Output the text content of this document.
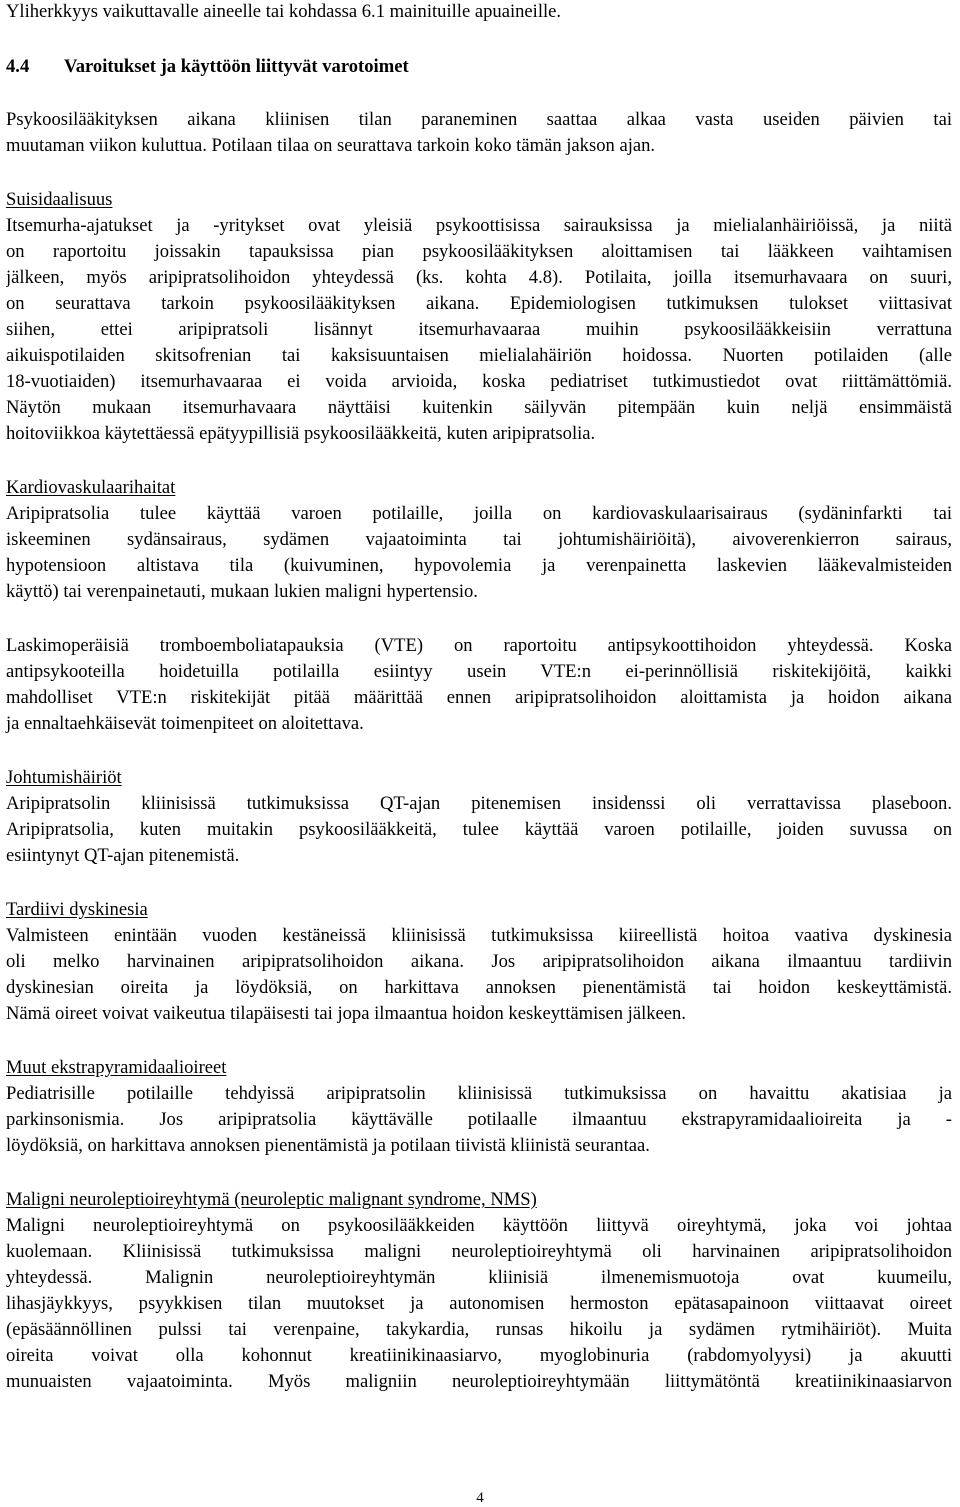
Yliherkkyys vaikuttavalle aineelle tai kohdassa 6.1 mainituille apuaineille.
4.4 Varoitukset ja käyttöön liittyvät varotoimet
Psykoosilääkityksen aikana kliinisen tilan paraneminen saattaa alkaa vasta useiden päivien tai
muutaman viikon kuluttua. Potilaan tilaa on seurattava tarkoin koko tämän jakson ajan.
Suisidaalisuus
Itsemurha-ajatukset ja -yritykset ovat yleisiä psykoottisissa sairauksissa ja mielialanhäiriöissä, ja niitä
on raportoitu joissakin tapauksissa pian psykoosilääkityksen aloittamisen tai lääkkeen vaihtamisen
jälkeen, myös aripipratsolihoidon yhteydessä (ks. kohta 4.8). Potilaita, joilla itsemurhavaara on suuri,
on seurattava tarkoin psykoosilääkityksen aikana. Epidemiologisen tutkimuksen tulokset viittasivat
siihen, ettei aripipratsoli lisännyt itsemurhavaaraa muihin psykoosilääkkeisiin verrattuna
aikuispotilaiden skitsofrenian tai kaksisuuntaisen mielialahäiriön hoidossa. Nuorten potilaiden (alle
18-vuotiaiden) itsemurhavaaraa ei voida arvioida, koska pediatriset tutkimustiedot ovat riittämättömiä.
Näytön mukaan itsemurhavaara näyttäisi kuitenkin säilyvän pitempään kuin neljä ensimmäistä
hoitoviikkoa käytettäessä epätyypillisiä psykoosilääkkeitä, kuten aripipratsolia.
Kardiovaskulaarihaitat
Aripipratsolia tulee käyttää varoen potilaille, joilla on kardiovaskulaarisairaus (sydäninfarkti tai
iskeeminen sydänsairaus, sydämen vajaatoiminta tai johtumishäiriöitä), aivoverenkierron sairaus,
hypotensioon altistava tila (kuivuminen, hypovolemia ja verenpainetta laskevien lääkevalmisteiden
käyttö) tai verenpainetauti, mukaan lukien maligni hypertensio.
Laskimoperäisiä tromboemboliatapauksia (VTE) on raportoitu antipsykoottihoidon yhteydessä. Koska
antipsykooteilla hoidetuilla potilailla esiintyy usein VTE:n ei-perinnöllisiä riskitekijöitä, kaikki
mahdolliset VTE:n riskitekijät pitää määrittää ennen aripipratsolihoidon aloittamista ja hoidon aikana
ja ennaltaehkäisevät toimenpiteet on aloitettava.
Johtumishäiriöt
Aripipratsolin kliinisissä tutkimuksissa QT-ajan pitenemisen insidenssi oli verrattavissa plaseboon.
Aripipratsolia, kuten muitakin psykoosilääkkeitä, tulee käyttää varoen potilaille, joiden suvussa on
esiintynyt QT-ajan pitenemistä.
Tardiivi dyskinesia
Valmisteen enintään vuoden kestäneissä kliinisissä tutkimuksissa kiireellistä hoitoa vaativa dyskinesia
oli melko harvinainen aripipratsolihoidon aikana. Jos aripipratsolihoidon aikana ilmaantuu tardiivin
dyskinesian oireita ja löydöksiä, on harkittava annoksen pienentämistä tai hoidon keskeyttämistä.
Nämä oireet voivat vaikeutua tilapäisesti tai jopa ilmaantua hoidon keskeyttämisen jälkeen.
Muut ekstrapyramidaalioireet
Pediatrisille potilaille tehdyissä aripipratsolin kliinisissä tutkimuksissa on havaittu akatisiaa ja
parkinsonismia. Jos aripipratsolia käyttävälle potilaalle ilmaantuu ekstrapyramidaalioireita ja -
löydöksiä, on harkittava annoksen pienentämistä ja potilaan tiivistä kliinistä seurantaa.
Maligni neuroleptioireyhtymä (neuroleptic malignant syndrome, NMS)
Maligni neuroleptioireyhtymä on psykoosilääkkeiden käyttöön liittyvä oireyhtymä, joka voi johtaa
kuolemaan. Kliinisissä tutkimuksissa maligni neuroleptioireyhtymä oli harvinainen aripipratsolihoidon
yhteydessä. Malignin neuroleptioireyhtymän kliinisiä ilmenemismuotoja ovat kuumeilu,
lihasjäykkyys, psyykkisen tilan muutokset ja autonomisen hermoston epätasapainoon viittaavat oireet
(epäsäännöllinen pulssi tai verenpaine, takykardia, runsas hikoilu ja sydämen rytmihäiriöt). Muita
oireita voivat olla kohonnut kreatiinikinaasiarvo, myoglobinuria (rabdomyolyysi) ja akuutti
munuaisten vajaatoiminta. Myös maligniin neuroleptioireyhtymään liittymätöntä kreatiinikinaasiarvon
4
